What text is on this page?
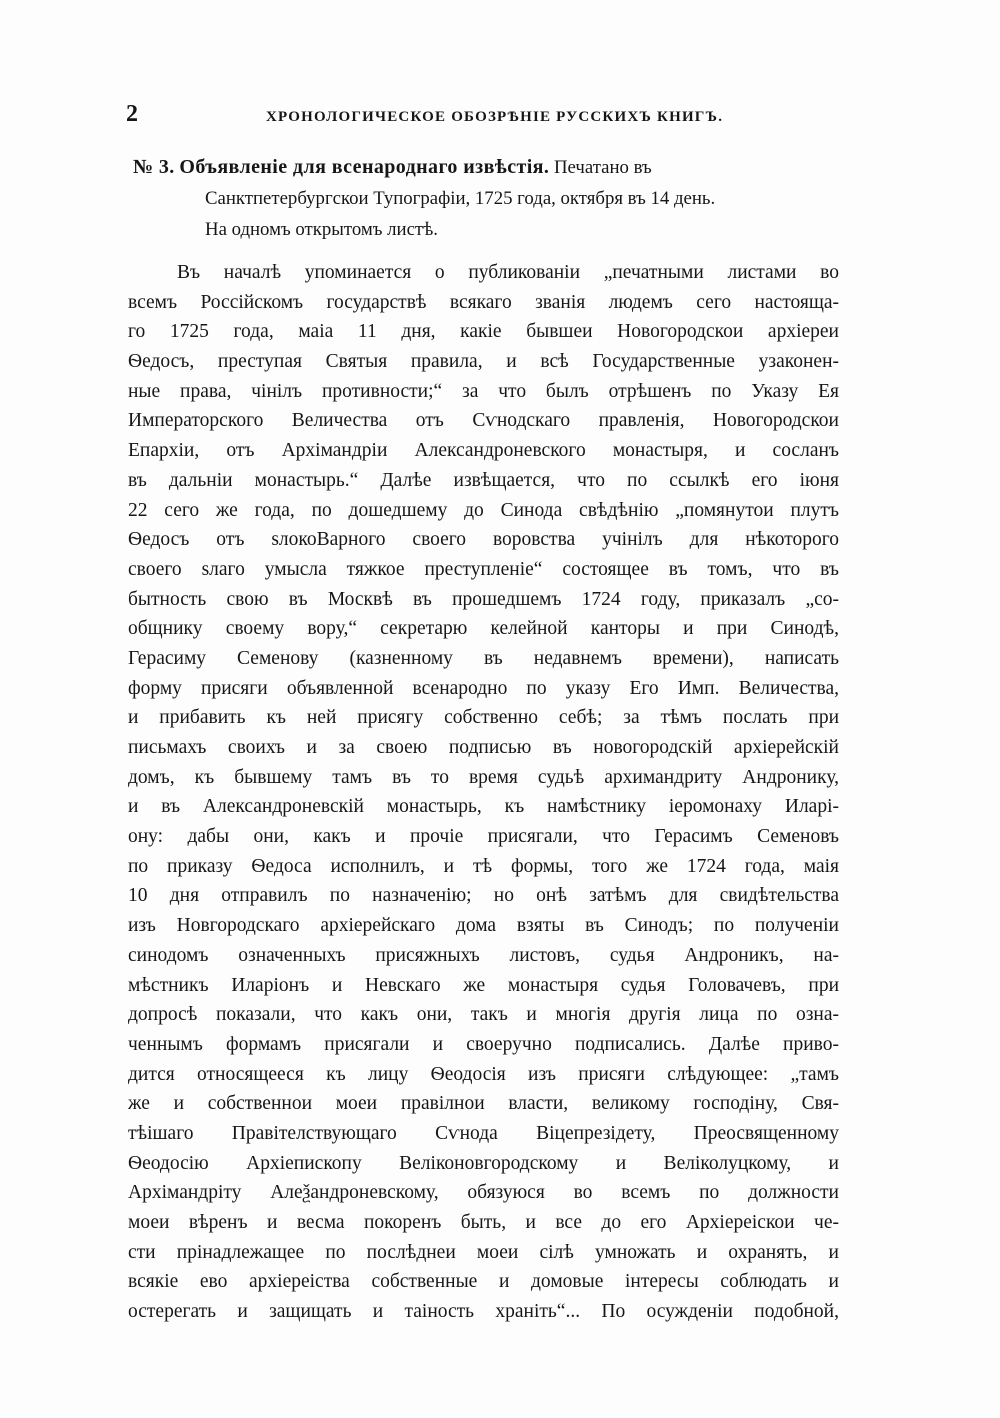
2	ХРОНОЛОГИЧЕСКОЕ ОБОЗРѢНІЕ РУССКИХЪ КНИГЪ.
№ 3. Объявленіе для всенароднаго извѣстія. Печатано въ
Санктпетербургскои Тупографіи, 1725 года, октября въ 14 день.
На одномъ открытомъ листѣ.
Въ началѣ упоминается о публикованіи „печатными листами во
всемъ Россійскомъ государствѣ всякаго званія людемъ сего настояща-
го 1725 года, маіа 11 дня, какіе бывшеи Новогородскои архіереи
Ѳедосъ, преступая Святыя правила, и всѣ Государственные узаконен-
ные права, чінілъ противности;“ за что былъ отрѣшенъ по Указу Ея
Императорского Величества отъ Сѵнодскаго правленія, Новогородскои
Епархіи, отъ Архімандріи Александроневского монастыря, и сосланъ
въ дальніи монастырь.“ Далѣе извѣщается, что по ссылкѣ его іюня
22 сего же года, по дошедшему до Синода свѣдѣнію „помянутои плутъ
Ѳедосъ отъ ѕлокоВарного своего воровства учінілъ для нѣкоторого
своего ѕлаго умысла тяжкое преступленіе“ состоящее въ томъ, что въ
бытность свою въ Москвѣ въ прошедшемъ 1724 году, приказалъ „со-
общнику своему вору,“ секретарю келейной канторы и при Синодѣ,
Герасиму Семенову (казненному въ недавнемъ времени), написать
форму присяги объявленной всенародно по указу Его Имп. Величества,
и прибавить къ ней присягу собственно себѣ; за тѣмъ послать при
письмахъ своихъ и за своею подписью въ новогородскій архіерейскій
домъ, къ бывшему тамъ въ то время судьѣ архимандриту Андронику,
и въ Александроневскій монастырь, къ намѣстнику іеромонаху Иларі-
ону: дабы они, какъ и прочіе присягали, что Герасимъ Семеновъ
по приказу Ѳедоса исполнилъ, и тѣ формы, того же 1724 года, маія
10 дня отправилъ по назначенію; но онѣ затѣмъ для свидѣтельства
изъ Новгородскаго архіерейскаго дома взяты въ Синодъ; по полученіи
синодомъ означенныхъ присяжныхъ листовъ, судья Андроникъ, на-
мѣстникъ Иларіонъ и Невскаго же монастыря судья Головачевъ, при
допросѣ показали, что какъ они, такъ и многія другія лица по озна-
ченнымъ формамъ присягали и своеручно подписались. Далѣе приво-
дится относящееся къ лицу Ѳеодосія изъ присяги слѣдующее: „тамъ
же и собственнои моеи правілнои власти, великому господіну, Свя-
тѣішаго Правітелствующаго Сѵнода Віцепрезідету, Преосвященному
Ѳеодосію Архіепископу Веліконовгородскому и Веліколуцкому, и
Архімандріту Алеѯандроневскому, обязуюся во всемъ по должности
моеи вѣренъ и весма покоренъ быть, и все до его Архіереіскои че-
сти прінадлежащее по послѣднеи моеи сілѣ умножать и охранять, и
всякіе ево архіереіства собственные и домовые інтересы соблюдать и
остерегать и защищать и таіность храніть“... По осужденіи подобной,
